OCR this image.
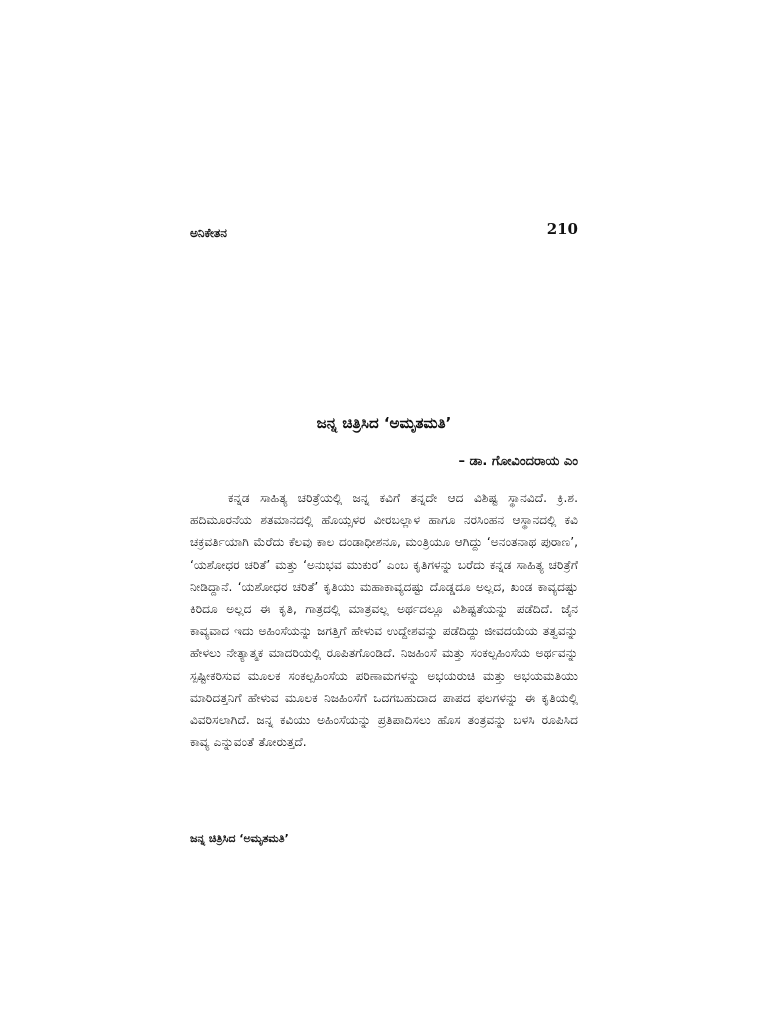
ಅನಿಕೇತನ	210
ಜನ್ನ ಚಿತ್ರಿಸಿದ ‘ಅಮೃತಮತಿ’
– ಡಾ. ಗೋವಿಂದರಾಯ ಎಂ

ಕನ್ನಡ ಸಾಹಿತ್ಯ ಚರಿತ್ರೆಯಲ್ಲಿ ಜನ್ನ ಕವಿಗೆ ತನ್ನದೇ ಆದ ವಿಶಿಷ್ಟ ಸ್ಥಾನವಿದೆ. ಕ್ರಿ.ಶ. ಹದಿಮೂರನೆಯ ಶತಮಾನದಲ್ಲಿ ಹೊಯ್ಸಳರ ವೀರಬಲ್ಲಾಳ ಹಾಗೂ ನರಸಿಂಹನ ಆಸ್ಥಾನದಲ್ಲಿ ಕವಿ ಚಕ್ರವರ್ತಿಯಾಗಿ ಮೆರೆದು ಕೆಲವು ಕಾಲ ದಂಡಾಧೀಶನೂ, ಮಂತ್ರಿಯೂ ಆಗಿದ್ದು ‘ಅನಂತನಾಥ ಪುರಾಣ’, ‘ಯಶೋಧರ ಚರಿತೆ’ ಮತ್ತು ‘ಅನುಭವ ಮುಕುರ’ ಎಂಬ ಕೃತಿಗಳನ್ನು ಬರೆದು ಕನ್ನಡ ಸಾಹಿತ್ಯ ಚರಿತ್ರೆಗೆ ನೀಡಿದ್ದಾನೆ. ‘ಯಶೋಧರ ಚರಿತೆ’ ಕೃತಿಯು ಮಹಾಕಾವ್ಯದಷ್ಟು ದೊಡ್ಡದೂ ಅಲ್ಲದ, ಖಂಡ ಕಾವ್ಯದಷ್ಟು ಕಿರಿದೂ ಅಲ್ಲದ ಈ ಕೃತಿ, ಗಾತ್ರದಲ್ಲಿ ಮಾತ್ರವಲ್ಲ ಅರ್ಥದಲ್ಲೂ ವಿಶಿಷ್ಟತೆಯನ್ನು ಪಡೆದಿದೆ. ಜೈನ ಕಾವ್ಯವಾದ ಇದು ಅಹಿಂಸೆಯನ್ನು ಜಗತ್ತಿಗೆ ಹೇಳುವ ಉದ್ದೇಶವನ್ನು ಪಡೆದಿದ್ದು ಜೀವದಯೆಯ ತತ್ವವನ್ನು ಹೇಳಲು ನೇತ್ಯಾತ್ಮಕ ಮಾದರಿಯಲ್ಲಿ ರೂಪಿತಗೊಂಡಿದೆ. ನಿಜಹಿಂಸೆ ಮತ್ತು ಸಂಕಲ್ಪಹಿಂಸೆಯ ಅರ್ಥವನ್ನು ಸ್ಪಷ್ಟೀಕರಿಸುವ ಮೂಲಕ ಸಂಕಲ್ಪಹಿಂಸೆಯ ಪರಿಣಾಮಗಳನ್ನು ಅಭಯರುಚಿ ಮತ್ತು ಅಭಯಮತಿಯು ಮಾರಿದತ್ತನಿಗೆ ಹೇಳುವ ಮೂಲಕ ನಿಜಹಿಂಸೆಗೆ ಒದಗಬಹುದಾದ ಪಾಪದ ಫಲಗಳನ್ನು ಈ ಕೃತಿಯಲ್ಲಿ ವಿವರಿಸಲಾಗಿದೆ. ಜನ್ನ ಕವಿಯು ಅಹಿಂಸೆಯನ್ನು ಪ್ರತಿಪಾದಿಸಲು ಹೊಸ ತಂತ್ರವನ್ನು ಬಳಸಿ ರೂಪಿಸಿದ ಕಾವ್ಯ ಎನ್ನುವಂತೆ ತೋರುತ್ತದೆ.

ಜನ್ನ ಚಿತ್ರಿಸಿದ ‘ಅಮೃತಮತಿ’
